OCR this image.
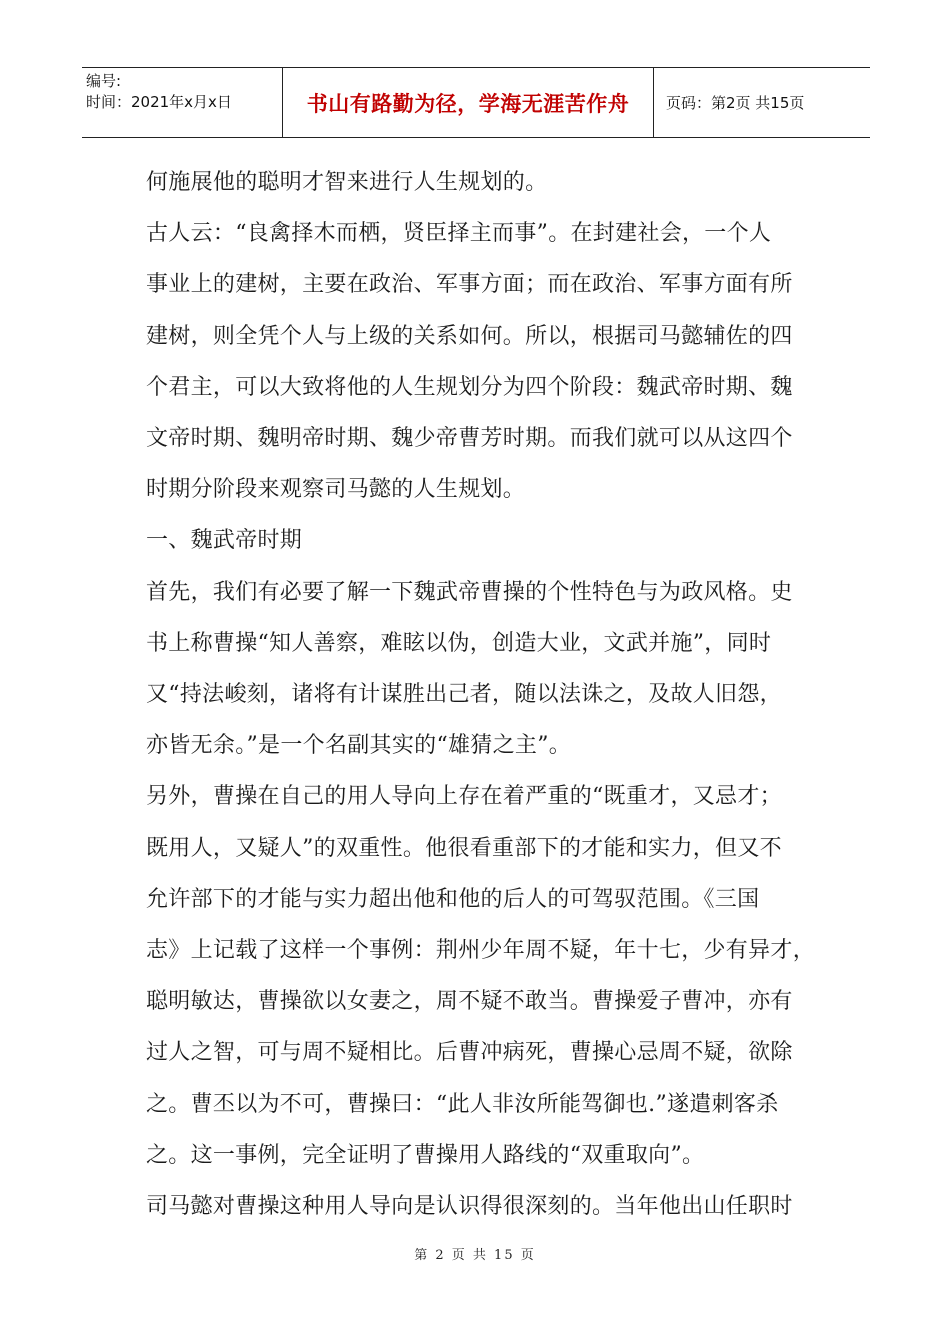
编号:
时间：2021年x月x日	书山有路勤为径，学海无涯苦作舟	页码：第2页 共15页

何施展他的聪明才智来进行人生规划的。

古人云：“良禽择木而栖，贤臣择主而事”。在封建社会，一个人

事业上的建树，主要在政治、军事方面；而在政治、军事方面有所

建树，则全凭个人与上级的关系如何。所以，根据司马懿辅佐的四

个君主，可以大致将他的人生规划分为四个阶段：魏武帝时期、魏

文帝时期、魏明帝时期、魏少帝曹芳时期。而我们就可以从这四个

时期分阶段来观察司马懿的人生规划。

一、魏武帝时期

首先，我们有必要了解一下魏武帝曹操的个性特色与为政风格。史

书上称曹操“知人善察，难眩以伪，创造大业，文武并施”，同时

又“持法峻刻，诸将有计谋胜出己者，随以法诛之，及故人旧怨，

亦皆无余。”是一个名副其实的“雄猜之主”。

另外，曹操在自己的用人导向上存在着严重的“既重才，又忌才；

既用人，又疑人”的双重性。他很看重部下的才能和实力，但又不

允许部下的才能与实力超出他和他的后人的可驾驭范围。《三国

志》上记载了这样一个事例：荆州少年周不疑，年十七，少有异才，

聪明敏达，曹操欲以女妻之，周不疑不敢当。曹操爱子曹冲，亦有

过人之智，可与周不疑相比。后曹冲病死，曹操心忌周不疑，欲除

之。曹丕以为不可，曹操曰：“此人非汝所能驾御也.”遂遣刺客杀

之。这一事例，完全证明了曹操用人路线的“双重取向”。

司马懿对曹操这种用人导向是认识得很深刻的。当年他出山任职时

第 2 页 共 15 页
